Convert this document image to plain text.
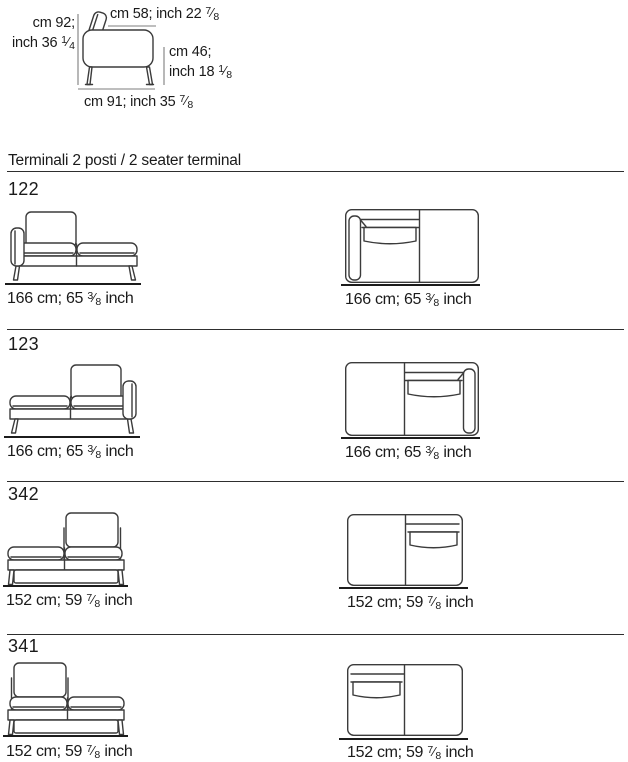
cm 58; inch 22 $^7⁄_8$
cm 92;
inch 36 $^1⁄_4$	cm 46;
inch 18 $^1⁄_8$
cm 91; inch 35 $^7⁄_8$
Terminali 2 posti / 2 seater terminal
122
166 cm; 65 $^3⁄_8$ inch	166 cm; 65 $^3⁄_8$ inch
123
166 cm; 65 $^3⁄_8$ inch	166 cm; 65 $^3⁄_8$ inch
342
152 cm; 59 $^7⁄_8$ inch	152 cm; 59 $^7⁄_8$ inch
341
152 cm; 59 $^7⁄_8$ inch	152 cm; 59 $^7⁄_8$ inch
